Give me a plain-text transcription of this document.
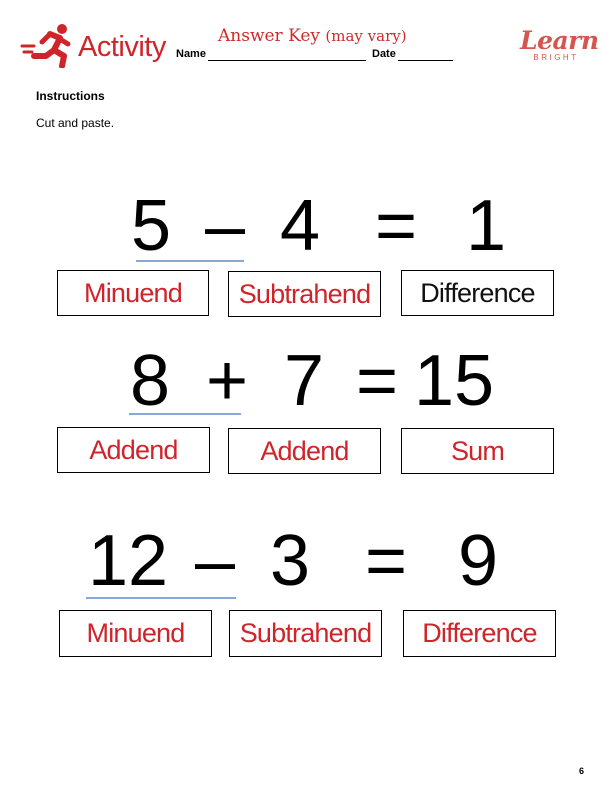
Activity	Answer Key (may vary)
Name	Date	Learn
BRIGHT
Instructions
Cut and paste.
5 – 4 = 1
Minuend Subtrahend Difference
8 + 7 = 15
Addend	Addend	Sum
12 – 3 = 9
Minuend Subtrahend Difference
6
